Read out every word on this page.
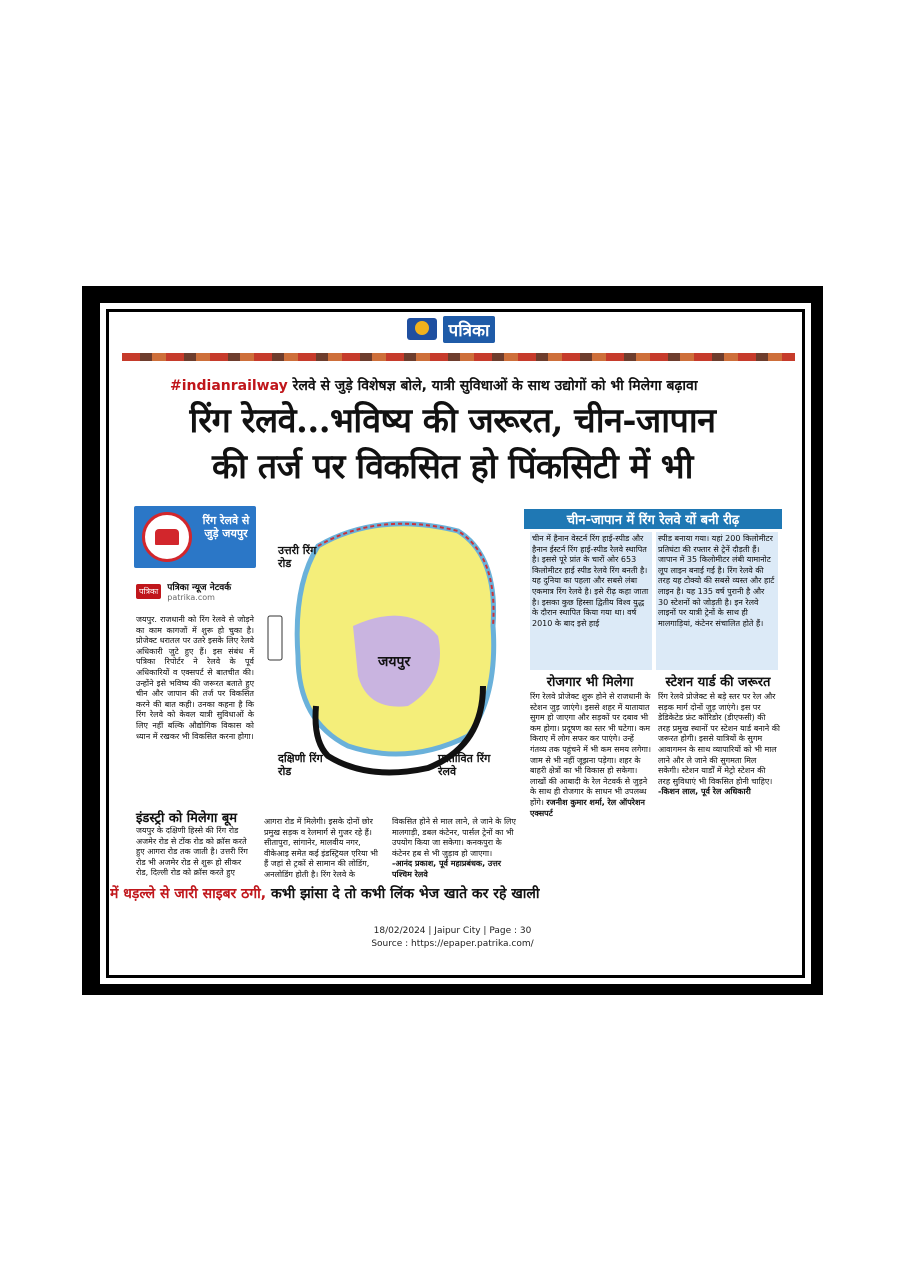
पत्रिका
#indianrailway रेलवे से जुड़े विशेषज्ञ बोले, यात्री सुविधाओं के साथ उद्योगों को भी मिलेगा बढ़ावा
रिंग रेलवे...भविष्य की जरूरत, चीन-जापान
की तर्ज पर विकसित हो पिंकसिटी में भी
रिंग रेलवे से जुड़े जयपुर
पत्रिका	पत्रिका न्यूज नेटवर्क
patrika.com
जयपुर. राजधानी को रिंग रेलवे से जोड़ने का काम कागजों में शुरू हो चुका है। प्रोजेक्ट धरातल पर उतरे इसके लिए रेलवे अधिकारी जुटे हुए हैं। इस संबंध में पत्रिका रिपोर्टर ने रेलवे के पूर्व अधिकारियों व एक्सपर्ट से बातचीत की। उन्होंने इसे भविष्य की जरूरत बताते हुए चीन और जापान की तर्ज पर विकसित करने की बात कही। उनका कहना है कि रिंग रेलवे को केवल यात्री सुविधाओं के लिए नहीं बल्कि औद्योगिक विकास को ध्यान में रखकर भी विकसित करना होगा।
इंडस्ट्री को मिलेगा बूम
जयपुर के दक्षिणी हिस्से की रिंग रोड अजमेर रोड से टोंक रोड को क्रॉस करते हुए आगरा रोड तक जाती है। उत्तरी रिंग रोड भी अजमेर रोड से शुरू हो सीकर रोड, दिल्ली रोड को क्रॉस करते हुए
जयपुर
दक्षिणी रिंग रोड
उत्तरी रिंग रोड
प्रस्तावित रिंग रेलवे
आगरा रोड में मिलेगी। इसके दोनों छोर प्रमुख सड़क व रेलमार्ग से गुजर रहे हैं। सीतापुरा, सांगानेर, मालवीय नगर, वीकेआइ समेत कई इंडस्ट्रियल एरिया भी हैं जहां से ट्रकों से सामान की लोडिंग, अनलोडिंग होती है। रिंग रेलवे के
विकसित होने से माल लाने, ले जाने के लिए मालगाड़ी, डबल कंटेनर, पार्सल ट्रेनों का भी उपयोग किया जा सकेगा। कनकपुरा के कंटेनर हब से भी जुड़ाव हो जाएगा।
-आनंद प्रकाश, पूर्व महाप्रबंधक, उत्तर पश्चिम रेलवे
चीन-जापान में रिंग रेलवे यों बनी रीढ़
चीन में हैनान वेस्टर्न रिंग हाई-स्पीड और हैनान ईस्टर्न रिंग हाई-स्पीड रेलवे स्थापित है। इससे पूरे प्रांत के चारों ओर 653 किलोमीटर हाई स्पीड रेलवे रिंग बनती है। यह दुनिया का पहला और सबसे लंबा एकमात्र रिंग रेलवे है। इसे रीढ़ कहा जाता है। इसका कुछ हिस्सा द्वितीय विश्व युद्ध के दौरान स्थापित किया गया था। वर्ष 2010 के बाद इसे हाई
स्पीड बनाया गया। यहां 200 किलोमीटर प्रतिघंटा की रफ्तार से ट्रेनें दौड़ती हैं। जापान में 35 किलोमीटर लंबी यामानोट लूप लाइन बनाई गई है। रिंग रेलवे की तरह यह टोक्यो की सबसे व्यस्त और हार्ट लाइन है। यह 135 वर्ष पुरानी है और 30 स्टेशनों को जोड़ती है। इन रेलवे लाइनों पर यात्री ट्रेनों के साथ ही मालगाड़ियां, कंटेनर संचालित होते हैं।
रोजगार भी मिलेगा	स्टेशन यार्ड की जरूरत
रिंग रेलवे प्रोजेक्ट शुरू होने से राजधानी के स्टेशन जुड़ जाएंगे। इससे शहर में यातायात सुगम हो जाएगा और सड़कों पर दबाव भी कम होगा। प्रदूषण का स्तर भी घटेगा। कम किराए में लोग सफर कर पाएंगे। उन्हें गंतव्य तक पहुंचने में भी कम समय लगेगा। जाम से भी नहीं जूझना पड़ेगा। शहर के बाहरी क्षेत्रों का भी विकास हो सकेगा। लाखों की आबादी के रेल नेटवर्क से जुड़ने के साथ ही रोजगार के साधन भी उपलब्ध होंगे। रजनीश कुमार शर्मा, रेल ऑपरेशन एक्सपर्ट
रिंग रेलवे प्रोजेक्ट से बड़े स्तर पर रेल और सड़क मार्ग दोनों जुड़ जाएंगे। इस पर डेडिकेटेड फ्रंट कॉरिडोर (डीएफसी) की तरह प्रमुख स्थानों पर स्टेशन यार्ड बनाने की जरूरत होगी। इससे यात्रियों के सुगम आवागमन के साथ व्यापारियों को भी माल लाने और ले जाने की सुगमता मिल सकेगी। स्टेशन यार्डों में मेट्रो स्टेशन की तरह सुविधाएं भी विकसित होनी चाहिए।
-किशन लाल, पूर्व रेल अधिकारी
में धड़ल्ले से जारी साइबर ठगी, कभी झांसा दे तो कभी लिंक भेज खाते कर रहे खाली
18/02/2024 | Jaipur City | Page : 30
Source : https://epaper.patrika.com/
